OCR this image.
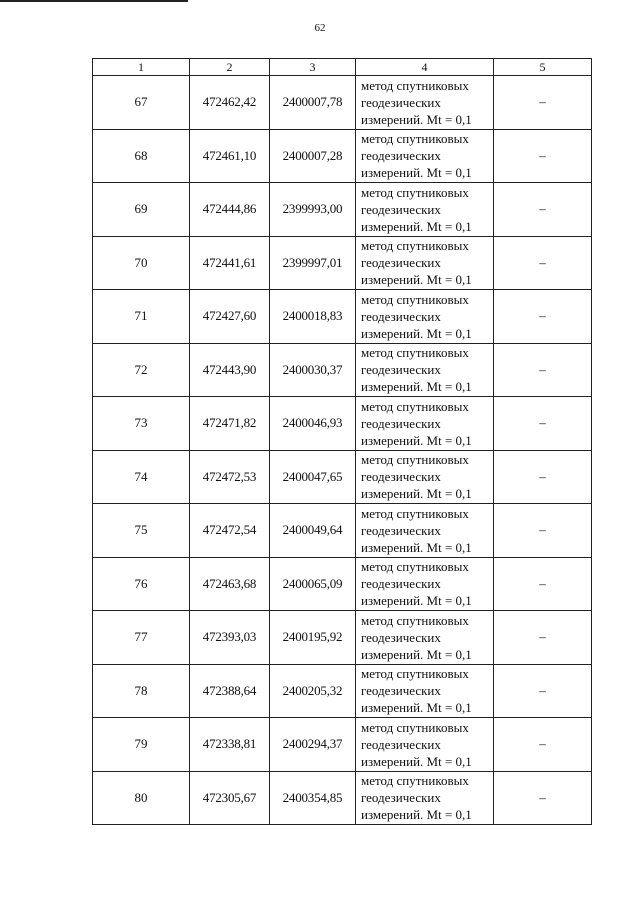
62
1	2	3	4	5
67	472462,42	2400007,78	метод спутниковых
геодезических
измерений. Mt = 0,1	–
68	472461,10	2400007,28	метод спутниковых
геодезических
измерений. Mt = 0,1	–
69	472444,86	2399993,00	метод спутниковых
геодезических
измерений. Mt = 0,1	–
70	472441,61	2399997,01	метод спутниковых
геодезических
измерений. Mt = 0,1	–
71	472427,60	2400018,83	метод спутниковых
геодезических
измерений. Mt = 0,1	–
72	472443,90	2400030,37	метод спутниковых
геодезических
измерений. Mt = 0,1	–
73	472471,82	2400046,93	метод спутниковых
геодезических
измерений. Mt = 0,1	–
74	472472,53	2400047,65	метод спутниковых
геодезических
измерений. Mt = 0,1	–
75	472472,54	2400049,64	метод спутниковых
геодезических
измерений. Mt = 0,1	–
76	472463,68	2400065,09	метод спутниковых
геодезических
измерений. Mt = 0,1	–
77	472393,03	2400195,92	метод спутниковых
геодезических
измерений. Mt = 0,1	–
78	472388,64	2400205,32	метод спутниковых
геодезических
измерений. Mt = 0,1	–
79	472338,81	2400294,37	метод спутниковых
геодезических
измерений. Mt = 0,1	–
80	472305,67	2400354,85	метод спутниковых
геодезических
измерений. Mt = 0,1	–
